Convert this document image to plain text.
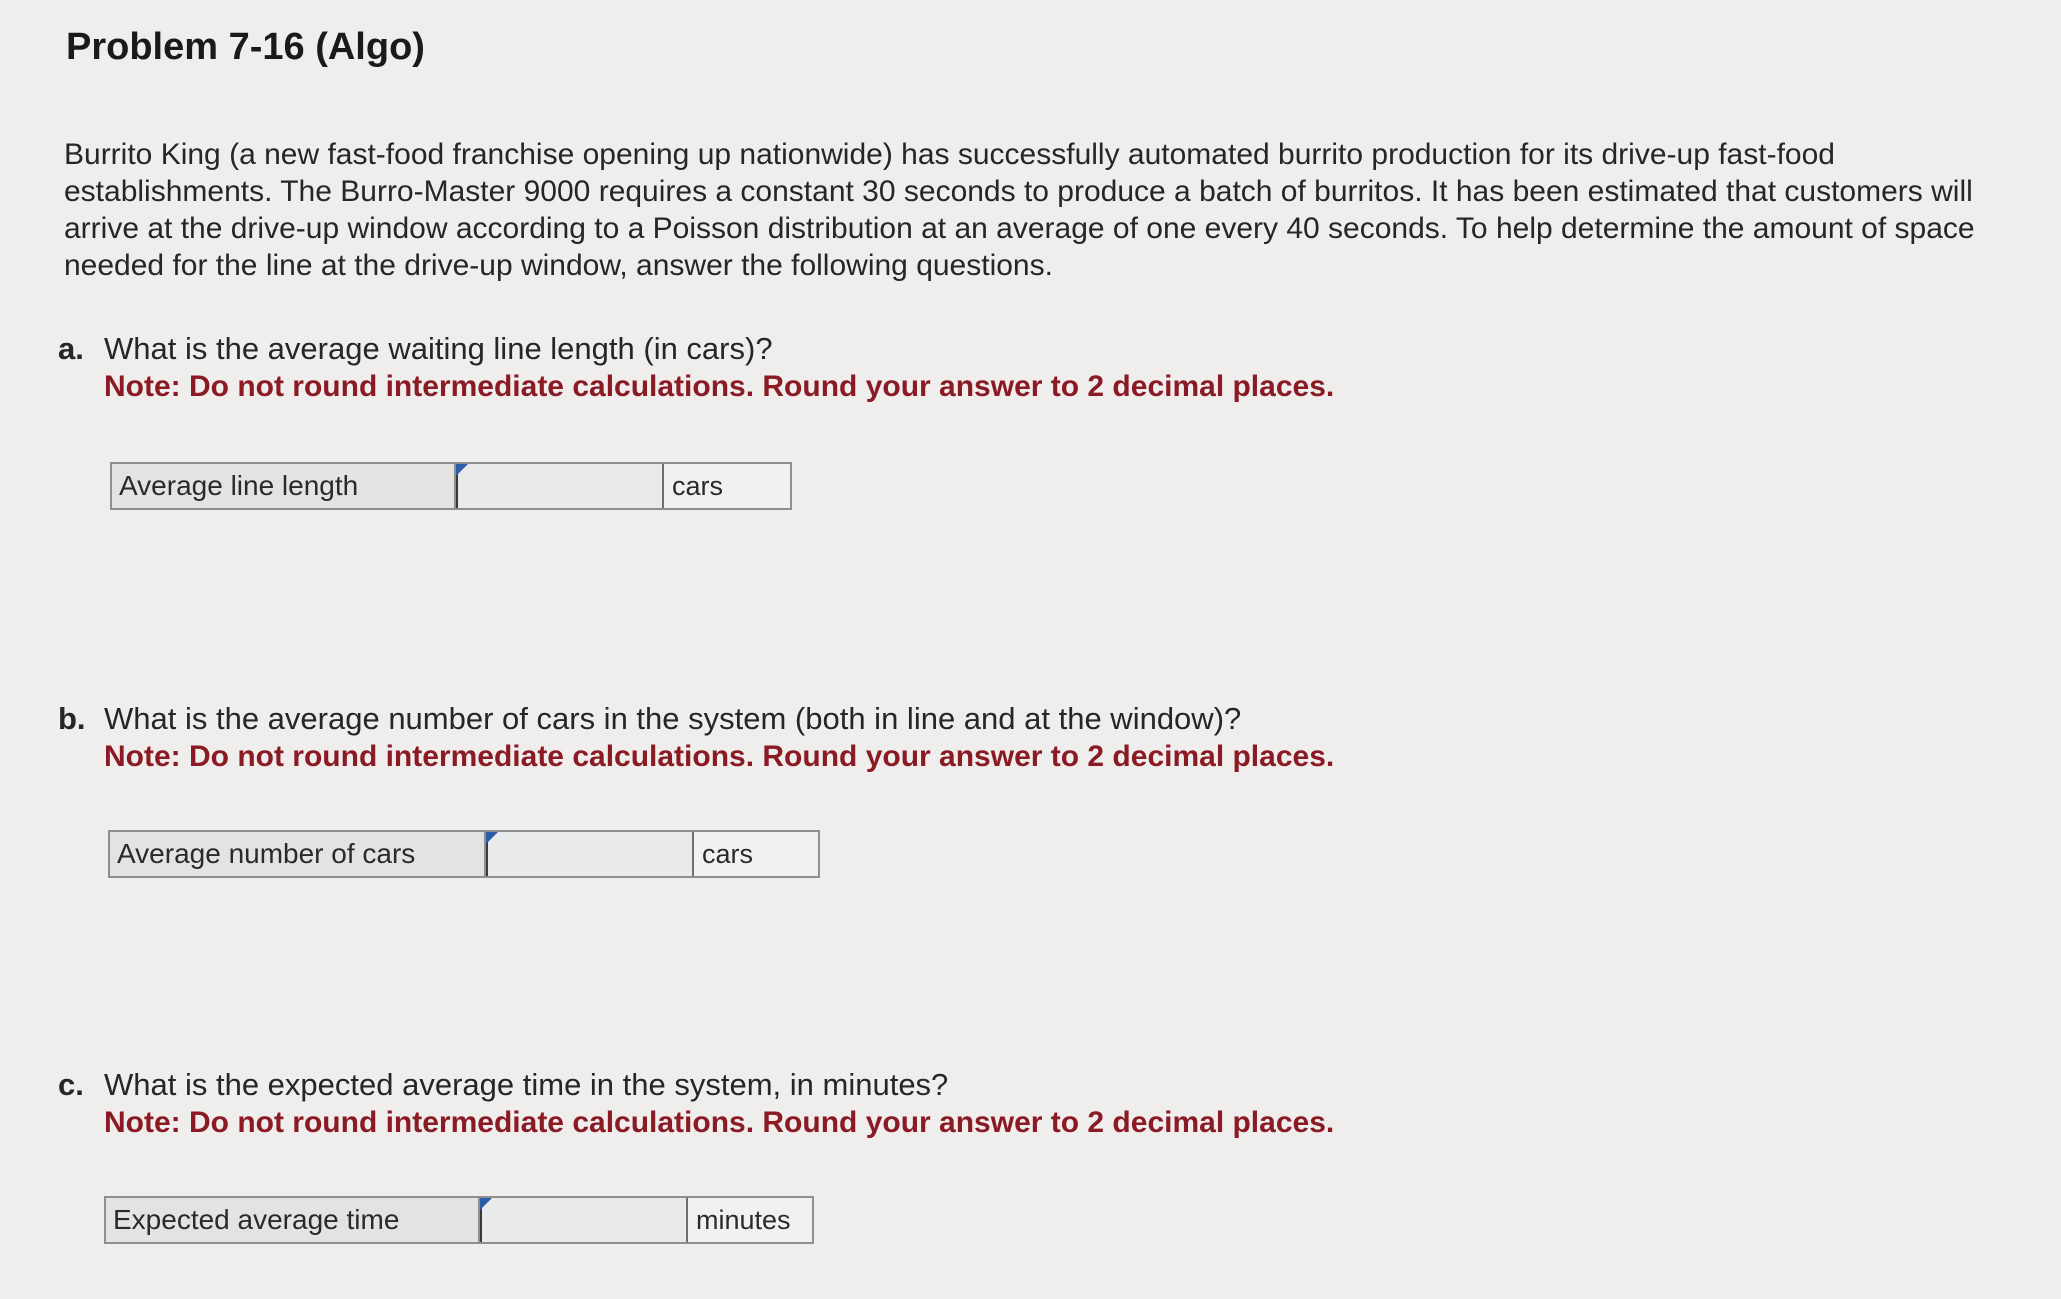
Problem 7-16 (Algo)

Burrito King (a new fast-food franchise opening up nationwide) has successfully automated burrito production for its drive-up fast-food establishments. The Burro-Master 9000 requires a constant 30 seconds to produce a batch of burritos. It has been estimated that customers will arrive at the drive-up window according to a Poisson distribution at an average of one every 40 seconds. To help determine the amount of space needed for the line at the drive-up window, answer the following questions.

a. What is the average waiting line length (in cars)?
Note: Do not round intermediate calculations. Round your answer to 2 decimal places.
Average line length	cars
b. What is the average number of cars in the system (both in line and at the window)?
Note: Do not round intermediate calculations. Round your answer to 2 decimal places.
Average number of cars	cars
c. What is the expected average time in the system, in minutes?
Note: Do not round intermediate calculations. Round your answer to 2 decimal places.
Expected average time	minutes
